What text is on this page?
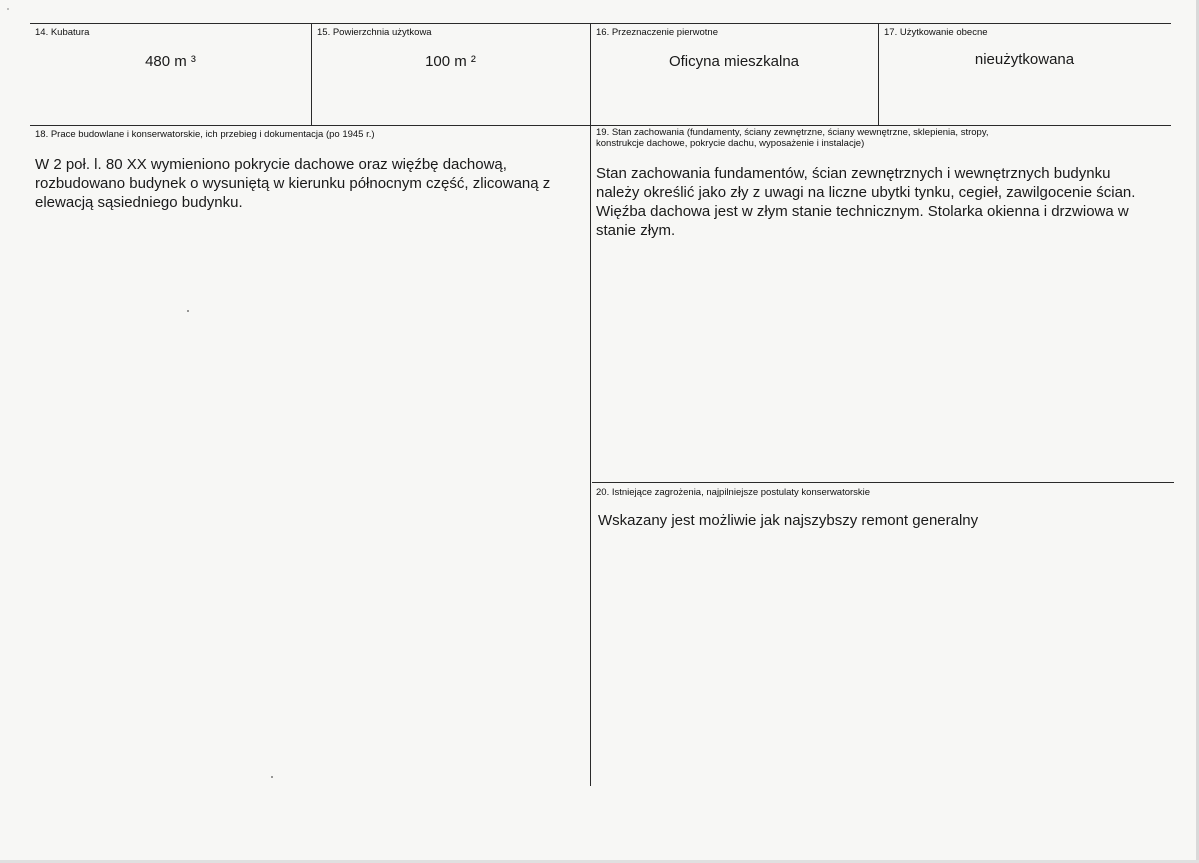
14. Kubatura
480 m ³
15. Powierzchnia użytkowa
100 m ²
16. Przeznaczenie pierwotne
Oficyna mieszkalna
17. Użytkowanie obecne
nieużytkowana
18. Prace budowlane i konserwatorskie, ich przebieg i dokumentacja (po 1945 r.)
W 2 poł. l. 80 XX wymieniono pokrycie dachowe oraz więźbę dachową,
rozbudowano budynek o wysuniętą w kierunku północnym część, zlicowaną z
elewacją sąsiedniego budynku.
19. Stan zachowania (fundamenty, ściany zewnętrzne, ściany wewnętrzne, sklepienia, stropy,
konstrukcje dachowe, pokrycie dachu, wyposażenie i instalacje)
Stan zachowania fundamentów, ścian zewnętrznych i wewnętrznych budynku
należy określić jako zły z uwagi na liczne ubytki tynku, cegieł, zawilgocenie ścian.
Więźba dachowa jest w złym stanie technicznym. Stolarka okienna i drzwiowa w
stanie złym.
20. Istniejące zagrożenia, najpilniejsze postulaty konserwatorskie
Wskazany jest możliwie jak najszybszy remont generalny
